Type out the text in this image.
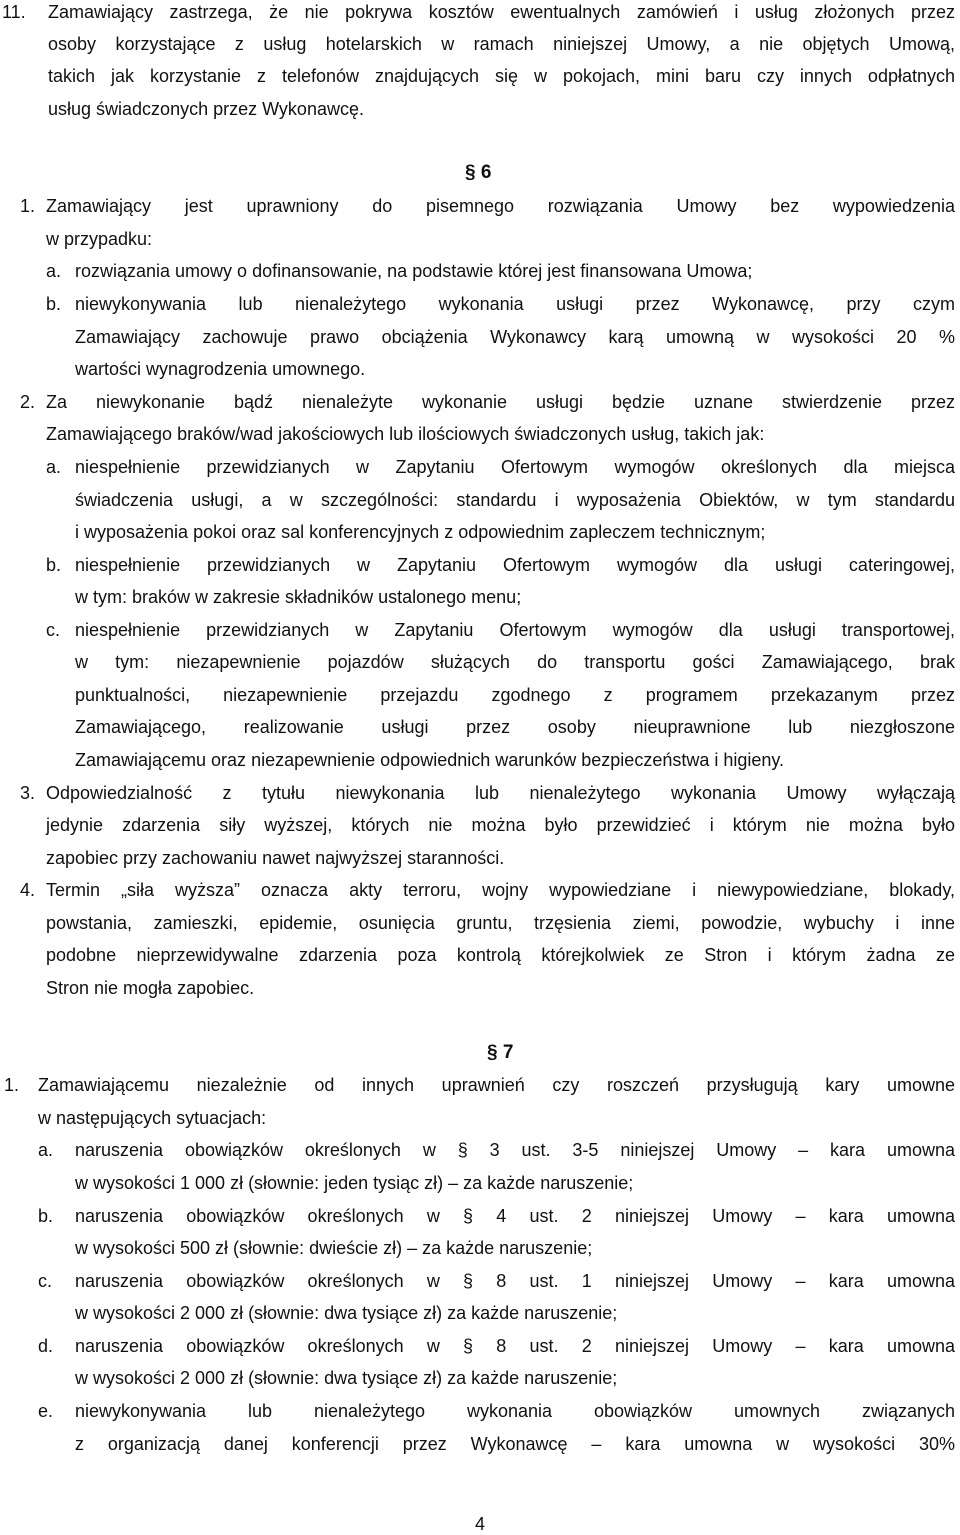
11. Zamawiający zastrzega, że nie pokrywa kosztów ewentualnych zamówień i usług złożonych przez
osoby korzystające z usług hotelarskich w ramach niniejszej Umowy, a nie objętych Umową,
takich jak korzystanie z telefonów znajdujących się w pokojach, mini baru czy innych odpłatnych
usług świadczonych przez Wykonawcę.
§ 6
1. Zamawiający jest uprawniony do pisemnego rozwiązania Umowy bez wypowiedzenia
w przypadku:
a. rozwiązania umowy o dofinansowanie, na podstawie której jest finansowana Umowa;
b. niewykonywania lub nienależytego wykonania usługi przez Wykonawcę, przy czym
Zamawiający zachowuje prawo obciążenia Wykonawcy karą umowną w wysokości 20 %
wartości wynagrodzenia umownego.
2. Za niewykonanie bądź nienależyte wykonanie usługi będzie uznane stwierdzenie przez
Zamawiającego braków/wad jakościowych lub ilościowych świadczonych usług, takich jak:
a. niespełnienie przewidzianych w Zapytaniu Ofertowym wymogów określonych dla miejsca
świadczenia usługi, a w szczególności: standardu i wyposażenia Obiektów, w tym standardu
i wyposażenia pokoi oraz sal konferencyjnych z odpowiednim zapleczem technicznym;
b. niespełnienie przewidzianych w Zapytaniu Ofertowym wymogów dla usługi cateringowej,
w tym: braków w zakresie składników ustalonego menu;
c. niespełnienie przewidzianych w Zapytaniu Ofertowym wymogów dla usługi transportowej,
w tym: niezapewnienie pojazdów służących do transportu gości Zamawiającego, brak
punktualności, niezapewnienie przejazdu zgodnego z programem przekazanym przez
Zamawiającego, realizowanie usługi przez osoby nieuprawnione lub niezgłoszone
Zamawiającemu oraz niezapewnienie odpowiednich warunków bezpieczeństwa i higieny.
3. Odpowiedzialność z tytułu niewykonania lub nienależytego wykonania Umowy wyłączają
jedynie zdarzenia siły wyższej, których nie można było przewidzieć i którym nie można było
zapobiec przy zachowaniu nawet najwyższej staranności.
4. Termin „siła wyższa” oznacza akty terroru, wojny wypowiedziane i niewypowiedziane, blokady,
powstania, zamieszki, epidemie, osunięcia gruntu, trzęsienia ziemi, powodzie, wybuchy i inne
podobne nieprzewidywalne zdarzenia poza kontrolą którejkolwiek ze Stron i którym żadna ze
Stron nie mogła zapobiec.
§ 7
1. Zamawiającemu niezależnie od innych uprawnień czy roszczeń przysługują kary umowne
w następujących sytuacjach:
a. naruszenia obowiązków określonych w § 3 ust. 3-5 niniejszej Umowy – kara umowna
w wysokości 1 000 zł (słownie: jeden tysiąc zł) – za każde naruszenie;
b. naruszenia obowiązków określonych w § 4 ust. 2 niniejszej Umowy – kara umowna
w wysokości 500 zł (słownie: dwieście zł) – za każde naruszenie;
c. naruszenia obowiązków określonych w § 8 ust. 1 niniejszej Umowy – kara umowna
w wysokości 2 000 zł (słownie: dwa tysiące zł) za każde naruszenie;
d. naruszenia obowiązków określonych w § 8 ust. 2 niniejszej Umowy – kara umowna
w wysokości 2 000 zł (słownie: dwa tysiące zł) za każde naruszenie;
e. niewykonywania lub nienależytego wykonania obowiązków umownych związanych
z organizacją danej konferencji przez Wykonawcę – kara umowna w wysokości 30%
4
